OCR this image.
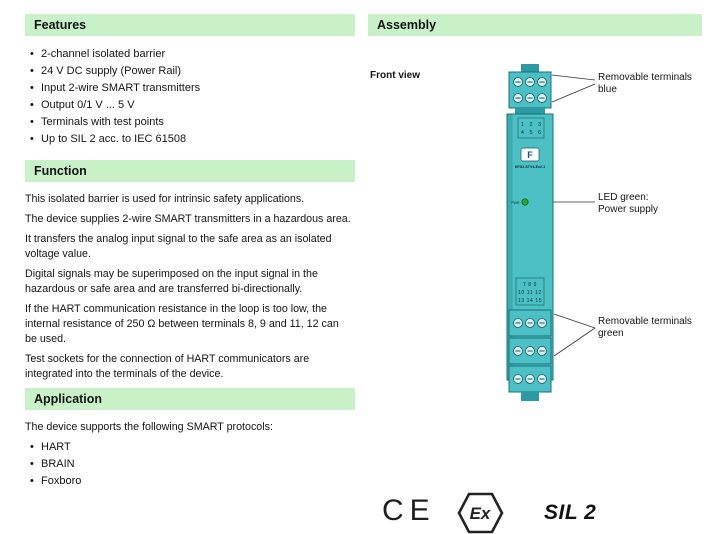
Features
• 2-channel isolated barrier
• 24 V DC supply (Power Rail)
• Input 2-wire SMART transmitters
• Output 0/1 V ... 5 V
• Terminals with test points
• Up to SIL 2 acc. to IEC 61508
Function
This isolated barrier is used for intrinsic safety applications.
The device supplies 2-wire SMART transmitters in a hazardous area.
It transfers the analog input signal to the safe area as an isolated voltage value.
Digital signals may be superimposed on the input signal in the hazardous or safe area and are transferred bi-directionally.
If the HART communication resistance in the loop is too low, the internal resistance of 250 Ω between terminals 8, 9 and 11, 12 can be used.
Test sockets for the connection of HART communicators are integrated into the terminals of the device.
Application
The device supports the following SMART protocols:
• HART
• BRAIN
• Foxboro
Assembly
Front view
1 2 3
4 5 6
F
KFD2-STV4-Ex2-1
PWR
7 8 9
10 11 12
13 14 15
Removable terminals
blue
LED green:
Power supply
Removable terminals
green
CE Ex	SIL 2
